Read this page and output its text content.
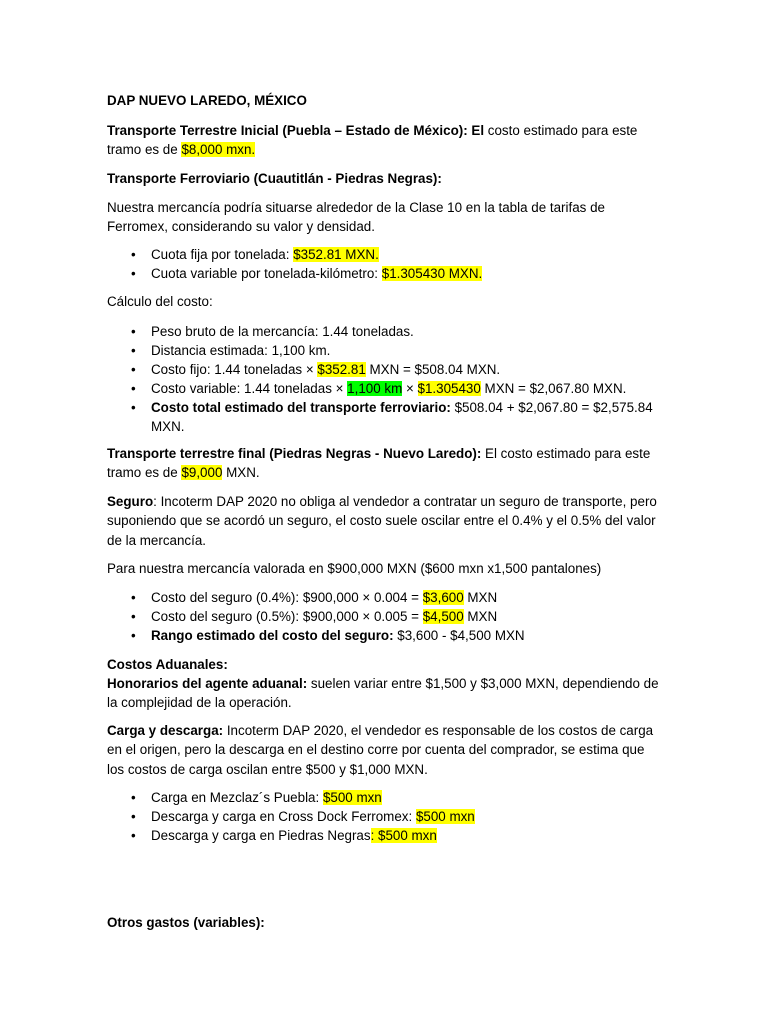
DAP NUEVO LAREDO, MÉXICO

Transporte Terrestre Inicial (Puebla – Estado de México): El costo estimado para este tramo es de $8,000 mxn.

Transporte Ferroviario (Cuautitlán - Piedras Negras):

Nuestra mercancía podría situarse alrededor de la Clase 10 en la tabla de tarifas de Ferromex, considerando su valor y densidad.

• Cuota fija por tonelada: $352.81 MXN.
• Cuota variable por tonelada-kilómetro: $1.305430 MXN.

Cálculo del costo:

• Peso bruto de la mercancía: 1.44 toneladas.
• Distancia estimada: 1,100 km.
• Costo fijo: 1.44 toneladas × $352.81 MXN = $508.04 MXN.
• Costo variable: 1.44 toneladas × 1,100 km × $1.305430 MXN = $2,067.80 MXN.
• Costo total estimado del transporte ferroviario: $508.04 + $2,067.80 = $2,575.84 MXN.

Transporte terrestre final (Piedras Negras - Nuevo Laredo): El costo estimado para este tramo es de $9,000 MXN.

Seguro: Incoterm DAP 2020 no obliga al vendedor a contratar un seguro de transporte, pero suponiendo que se acordó un seguro, el costo suele oscilar entre el 0.4% y el 0.5% del valor de la mercancía.

Para nuestra mercancía valorada en $900,000 MXN ($600 mxn x1,500 pantalones)

• Costo del seguro (0.4%): $900,000 × 0.004 = $3,600 MXN
• Costo del seguro (0.5%): $900,000 × 0.005 = $4,500 MXN
• Rango estimado del costo del seguro: $3,600 - $4,500 MXN

Costos Aduanales:

Honorarios del agente aduanal: suelen variar entre $1,500 y $3,000 MXN, dependiendo de la complejidad de la operación.

Carga y descarga: Incoterm DAP 2020, el vendedor es responsable de los costos de carga en el origen, pero la descarga en el destino corre por cuenta del comprador, se estima que los costos de carga oscilan entre $500 y $1,000 MXN.

• Carga en Mezclaz´s Puebla: $500 mxn
• Descarga y carga en Cross Dock Ferromex: $500 mxn
• Descarga y carga en Piedras Negras: $500 mxn

Otros gastos (variables):
